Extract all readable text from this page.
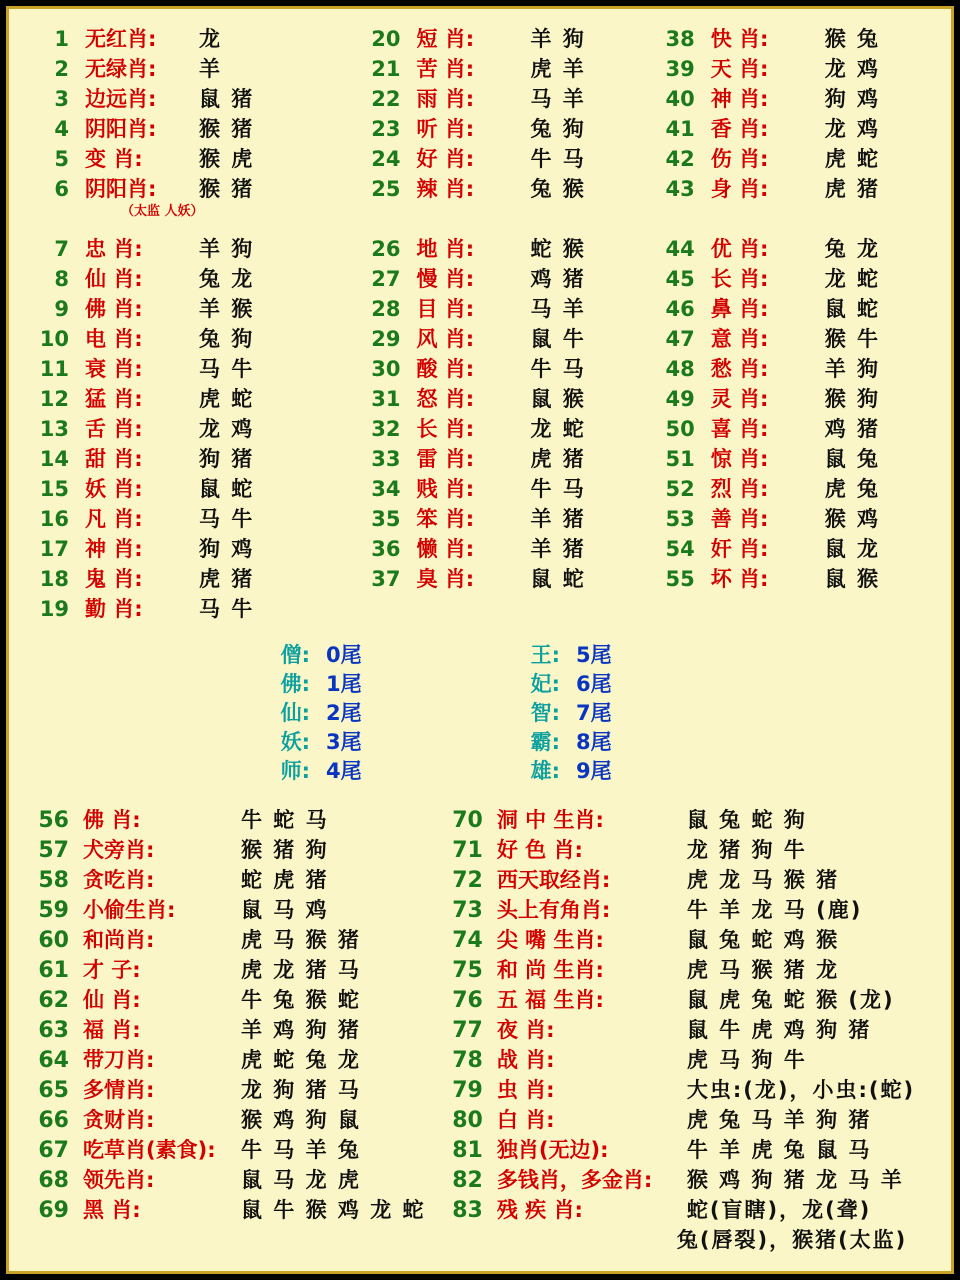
1 无红肖:	龙
2 无绿肖:	羊
3 边远肖:	鼠 猪
4 阴阳肖:	猴 猪
5 变 肖:	猴 虎
6 阴阳肖:	猴 猪
（太监 人妖）
7 忠 肖:	羊 狗
8 仙 肖:	兔 龙
9 佛 肖:	羊 猴
10 电 肖:	兔 狗
11 衰 肖:	马 牛
12 猛 肖:	虎 蛇
13 舌 肖:	龙 鸡
14 甜 肖:	狗 猪
15 妖 肖:	鼠 蛇
16 凡 肖:	马 牛
17 神 肖:	狗 鸡
18 鬼 肖:	虎 猪
19 勤 肖:	马 牛
20 短 肖:	羊 狗
21 苦 肖:	虎 羊
22 雨 肖:	马 羊
23 听 肖:	兔 狗
24 好 肖:	牛 马
25 辣 肖:	兔 猴
26 地 肖:	蛇 猴
27 慢 肖:	鸡 猪
28 目 肖:	马 羊
29 风 肖:	鼠 牛
30 酸 肖:	牛 马
31 怒 肖:	鼠 猴
32 长 肖:	龙 蛇
33 雷 肖:	虎 猪
34 贱 肖:	牛 马
35 笨 肖:	羊 猪
36 懒 肖:	羊 猪
37 臭 肖:	鼠 蛇
38 快 肖:	猴 兔
39 天 肖:	龙 鸡
40 神 肖:	狗 鸡
41 香 肖:	龙 鸡
42 伤 肖:	虎 蛇
43 身 肖:	虎 猪
44 优 肖:	兔 龙
45 长 肖:	龙 蛇
46 鼻 肖:	鼠 蛇
47 意 肖:	猴 牛
48 愁 肖:	羊 狗
49 灵 肖:	猴 狗
50 喜 肖:	鸡 猪
51 惊 肖:	鼠 兔
52 烈 肖:	虎 兔
53 善 肖:	猴 鸡
54 奸 肖:	鼠 龙
55 坏 肖:	鼠 猴
僧: 0尾
佛: 1尾
仙: 2尾
妖: 3尾
师: 4尾
王: 5尾
妃: 6尾
智: 7尾
霸: 8尾
雄: 9尾
56 佛 肖:	牛 蛇 马
57 犬旁肖:	猴 猪 狗
58 贪吃肖:	蛇 虎 猪
59 小偷生肖:	鼠 马 鸡
60 和尚肖:	虎 马 猴 猪
61 才 子:	虎 龙 猪 马
62 仙 肖:	牛 兔 猴 蛇
63 福 肖:	羊 鸡 狗 猪
64 带刀肖:	虎 蛇 兔 龙
65 多情肖:	龙 狗 猪 马
66 贪财肖:	猴 鸡 狗 鼠
67 吃草肖(素食):	牛 马 羊 兔
68 领先肖:	鼠 马 龙 虎
69 黑 肖:	鼠 牛 猴 鸡 龙 蛇
70 洞 中 生肖:	鼠 兔 蛇 狗
71 好 色 肖:	龙 猪 狗 牛
72 西天取经肖:	虎 龙 马 猴 猪
73 头上有角肖:	牛 羊 龙 马 (鹿)
74 尖 嘴 生肖:	鼠 兔 蛇 鸡 猴
75 和 尚 生肖:	虎 马 猴 猪 龙
76 五 福 生肖:	鼠 虎 兔 蛇 猴 (龙)
77 夜 肖:	鼠 牛 虎 鸡 狗 猪
78 战 肖:	虎 马 狗 牛
79 虫 肖:	大虫:(龙)，小虫:(蛇)
80 白 肖:	虎 兔 马 羊 狗 猪
81 独肖(无边):	牛 羊 虎 兔 鼠 马
82 多钱肖，多金肖:	猴 鸡 狗 猪 龙 马 羊
83 残 疾 肖:	蛇(盲瞎)，龙(聋)
兔(唇裂)，猴猪(太监)
